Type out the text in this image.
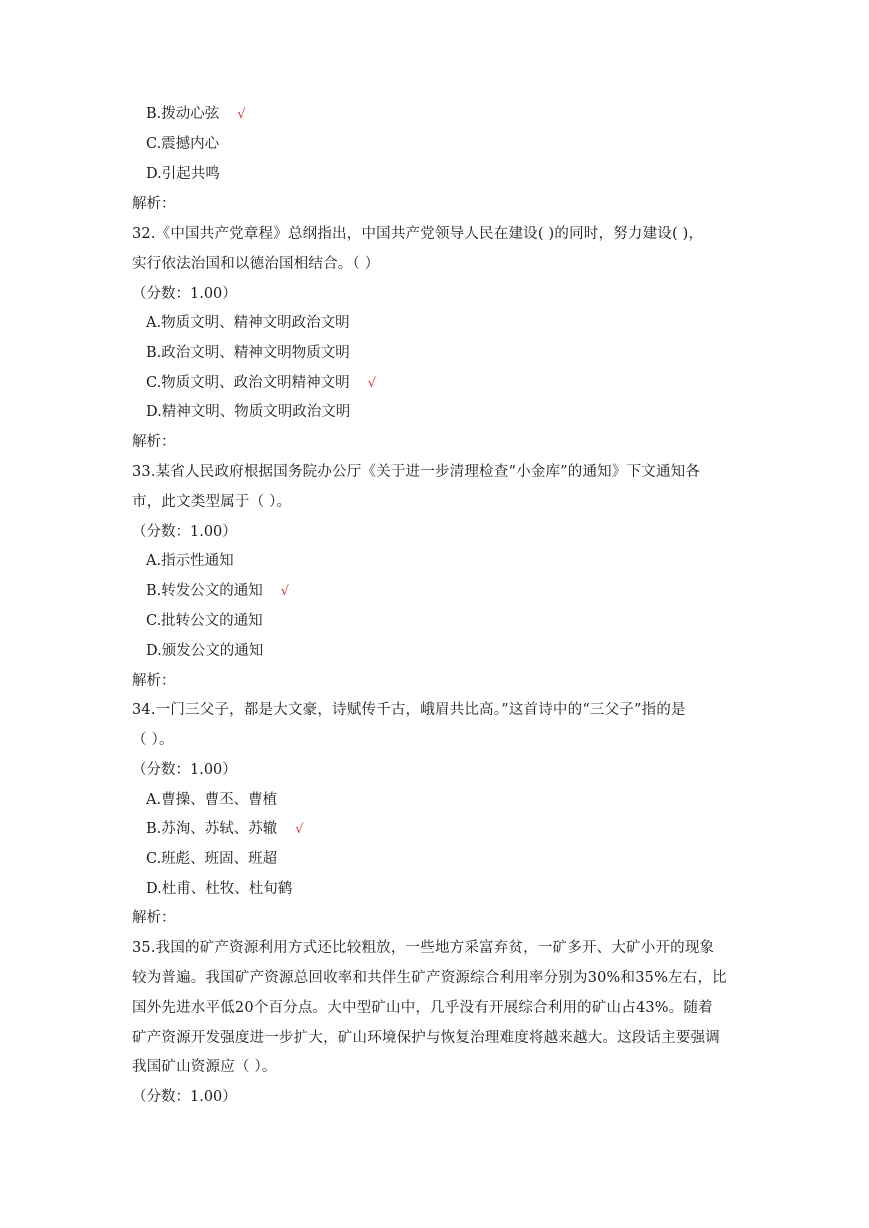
B.拨动心弦 √
C.震撼内心
D.引起共鸣
解析：
32.《中国共产党章程》总纲指出，中国共产党领导人民在建设( )的同时，努力建设( )，
实行依法治国和以德治国相结合。（ ）
（分数：1.00）
A.物质文明、精神文明政治文明
B.政治文明、精神文明物质文明
C.物质文明、政治文明精神文明 √
D.精神文明、物质文明政治文明
解析：
33.某省人民政府根据国务院办公厅《关于进一步清理检查“小金库”的通知》下文通知各
市，此文类型属于（ ）。
（分数：1.00）
A.指示性通知
B.转发公文的通知 √
C.批转公文的通知
D.颁发公文的通知
解析：
34.一门三父子，都是大文豪，诗赋传千古，峨眉共比高。”这首诗中的“三父子”指的是
（ ）。
（分数：1.00）
A.曹操、曹丕、曹植
B.苏洵、苏轼、苏辙 √
C.班彪、班固、班超
D.杜甫、杜牧、杜旬鹤
解析：
35.我国的矿产资源利用方式还比较粗放，一些地方采富弃贫，一矿多开、大矿小开的现象
较为普遍。我国矿产资源总回收率和共伴生矿产资源综合利用率分别为30%和35%左右，比
国外先进水平低20个百分点。大中型矿山中，几乎没有开展综合利用的矿山占43%。随着
矿产资源开发强度进一步扩大，矿山环境保护与恢复治理难度将越来越大。这段话主要强调
我国矿山资源应（ ）。
（分数：1.00）
